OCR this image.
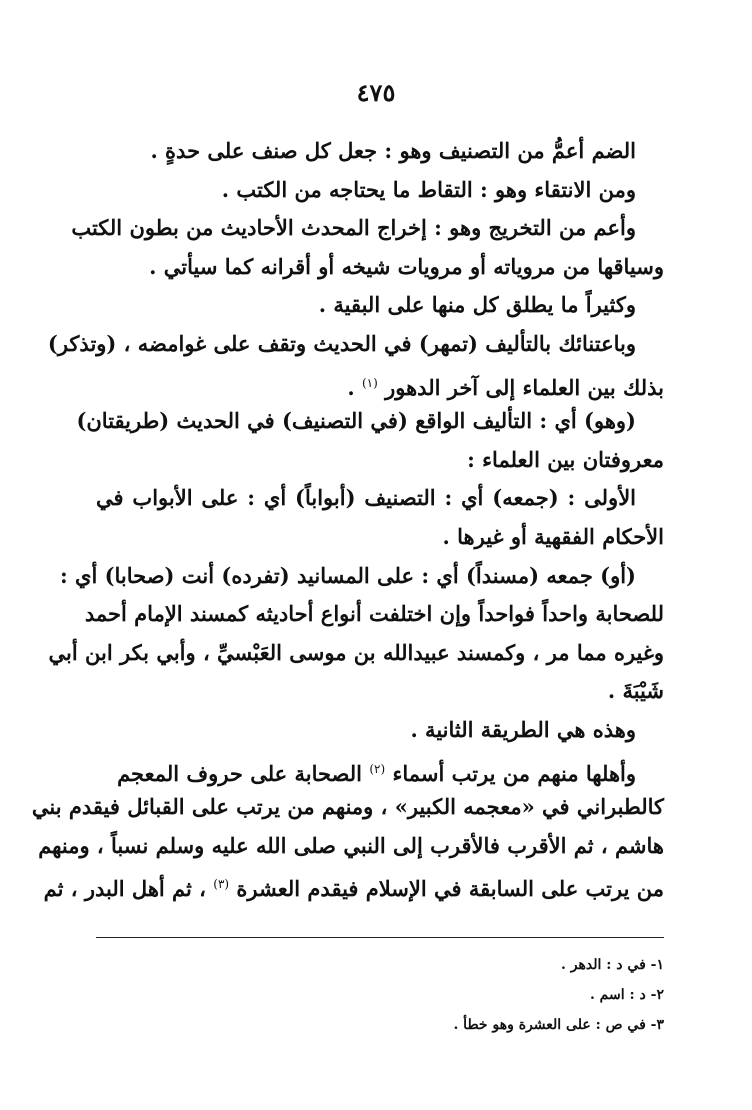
٤٧٥
الضم أعمُّ من التصنيف وهو : جعل كل صنف على حدةٍ .
ومن الانتقاء وهو : التقاط ما يحتاجه من الكتب .
وأعم من التخريج وهو : إخراج المحدث الأحاديث من بطون الكتب
وسياقها من مروياته أو مرويات شيخه أو أقرانه كما سيأتي .
وكثيراً ما يطلق كل منها على البقية .
وباعتنائك بالتأليف (تمهر) في الحديث وتقف على غوامضه ، (وتذكر)
بذلك بين العلماء إلى آخر الدهور $^{(١)}$ .
(وهو) أي : التأليف الواقع (في التصنيف) في الحديث (طريقتان)
معروفتان بين العلماء :
الأولى : (جمعه) أي : التصنيف (أبواباً) أي : على الأبواب في
الأحكام الفقهية أو غيرها .
(أو) جمعه (مسنداً) أي : على المسانيد (تفرده) أنت (صحابا) أي :
للصحابة واحداً فواحداً وإن اختلفت أنواع أحاديثه كمسند الإمام أحمد
وغيره مما مر ، وكمسند عبيدالله بن موسى العَبْسيِّ ، وأبي بكر ابن أبي
شَيْبَةَ .
وهذه هي الطريقة الثانية .
وأهلها منهم من يرتب أسماء $^{(٢)}$ الصحابة على حروف المعجم
كالطبراني في «معجمه الكبير» ، ومنهم من يرتب على القبائل فيقدم بني
هاشم ، ثم الأقرب فالأقرب إلى النبي صلى الله عليه وسلم نسباً ، ومنهم
من يرتب على السابقة في الإسلام فيقدم العشرة $^{(٣)}$ ، ثم أهل البدر ، ثم
١- في د : الدهر .
٢- د : اسم .
٣- في ص : على العشرة وهو خطأ .
